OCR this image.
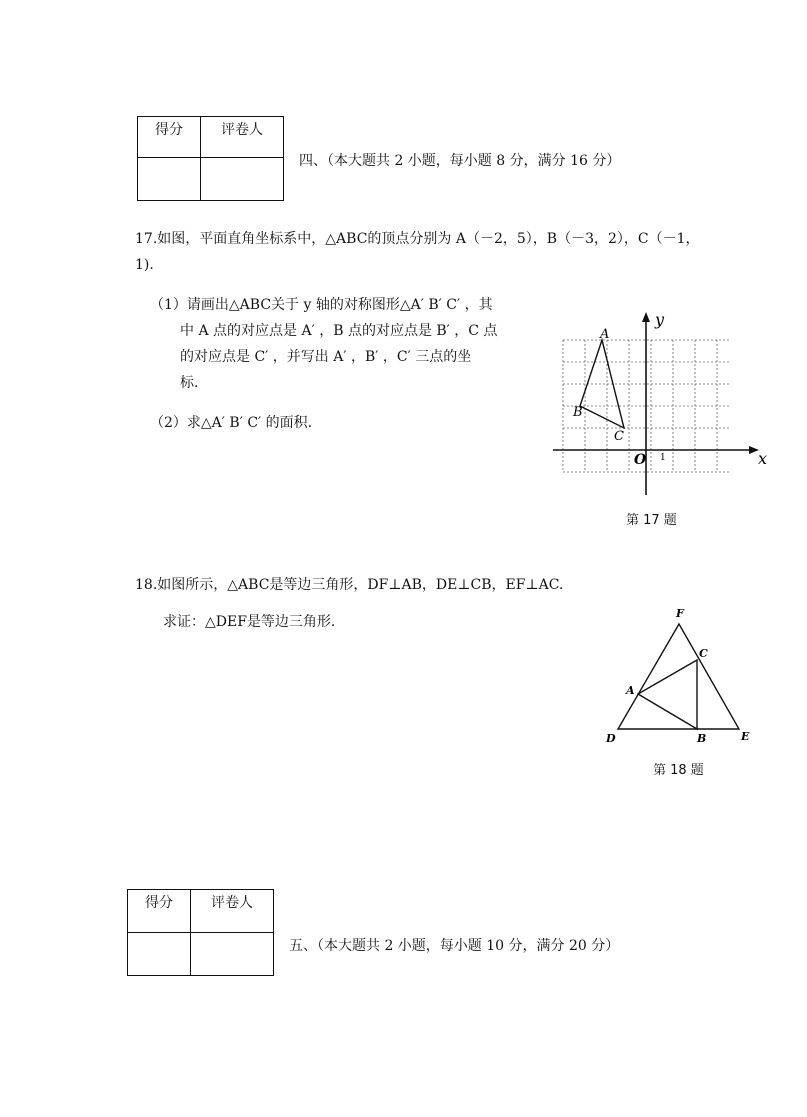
得分	评卷人

四、（本大题共 2 小题，每小题 8 分，满分 16 分）
17.如图，平面直角坐标系中，△ABC的顶点分别为 A（－2，5），B（－3，2），C（－1，
1).
（1）请画出△ABC关于 y 轴的对称图形△A′ B′ C′ ，其
中 A 点的对应点是 A′ ，B 点的对应点是 B′ ，C 点
的对应点是 C′ ，并写出 A′ ，B′ ，C′ 三点的坐
标.
（2）求△A′ B′ C′ 的面积.
y
x
O 1
A
B
C
第 17 题
18.如图所示，△ABC是等边三角形，DF⊥AB，DE⊥CB，EF⊥AC.
求证：△DEF是等边三角形.
F
C
A
D	B	E
第 18 题
得分	评卷人

五、（本大题共 2 小题，每小题 10 分，满分 20 分）
